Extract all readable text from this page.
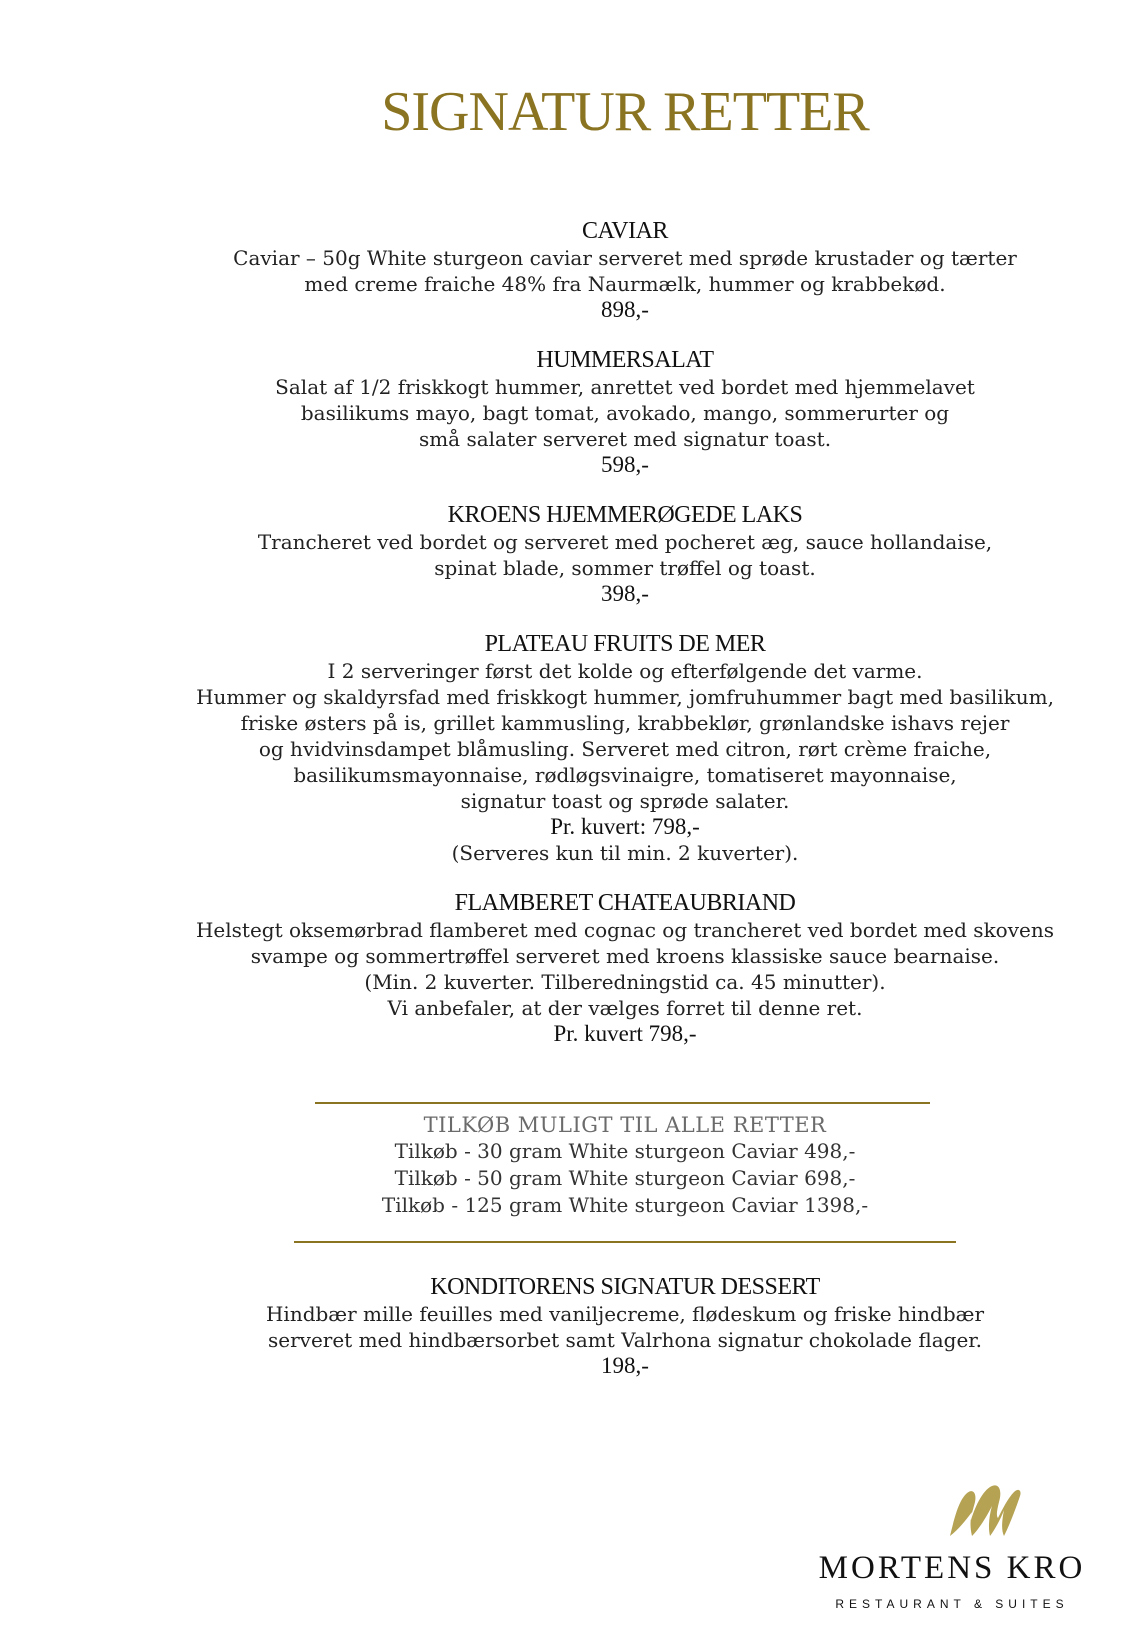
SIGNATUR RETTER
CAVIAR
Caviar – 50g White sturgeon caviar serveret med sprøde krustader og tærter
med creme fraiche 48% fra Naurmælk, hummer og krabbekød.
898,-
HUMMERSALAT
Salat af 1/2 friskkogt hummer, anrettet ved bordet med hjemmelavet
basilikums mayo, bagt tomat, avokado, mango, sommerurter og
små salater serveret med signatur toast.
598,-
KROENS HJEMMERØGEDE LAKS
Trancheret ved bordet og serveret med pocheret æg, sauce hollandaise,
spinat blade, sommer trøffel og toast.
398,-
PLATEAU FRUITS DE MER
I 2 serveringer først det kolde og efterfølgende det varme.
Hummer og skaldyrsfad med friskkogt hummer, jomfruhummer bagt med basilikum,
friske østers på is, grillet kammusling, krabbeklør, grønlandske ishavs rejer
og hvidvinsdampet blåmusling. Serveret med citron, rørt crème fraiche,
basilikumsmayonnaise, rødløgsvinaigre, tomatiseret mayonnaise,
signatur toast og sprøde salater.
Pr. kuvert: 798,-
(Serveres kun til min. 2 kuverter).
FLAMBERET CHATEAUBRIAND
Helstegt oksemørbrad flamberet med cognac og trancheret ved bordet med skovens
svampe og sommertrøffel serveret med kroens klassiske sauce bearnaise.
(Min. 2 kuverter. Tilberedningstid ca. 45 minutter).
Vi anbefaler, at der vælges forret til denne ret.
Pr. kuvert 798,-
TILKØB MULIGT TIL ALLE RETTER
Tilkøb - 30 gram White sturgeon Caviar 498,-
Tilkøb - 50 gram White sturgeon Caviar 698,-
Tilkøb - 125 gram White sturgeon Caviar 1398,-
KONDITORENS SIGNATUR DESSERT
Hindbær mille feuilles med vaniljecreme, flødeskum og friske hindbær
serveret med hindbærsorbet samt Valrhona signatur chokolade flager.
198,-
MORTENS KRO
RESTAURANT & SUITES
